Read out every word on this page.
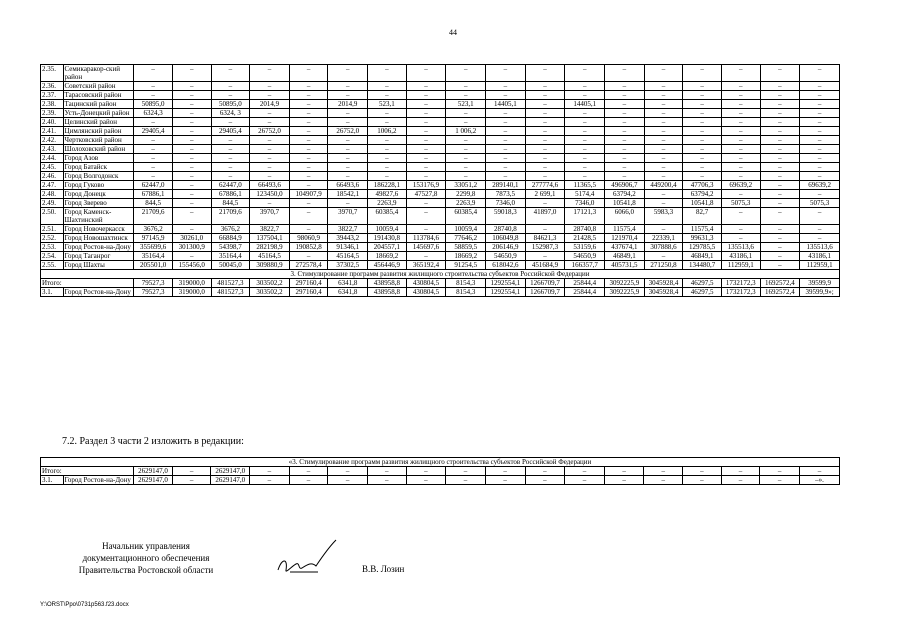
44
2.35.	Семикаракор-ский район	–	–	–	–	–	–	–	–	–	–	–	–	–	–	–	–	–	–
2.36.	Советский район	–	–	–	–	–	–	–	–	–	–	–	–	–	–	–	–	–	–
2.37.	Тарасовский район	–	–	–	–	–	–	–	–	–	–	–	–	–	–	–	–	–	–
2.38.	Тацинский район	50895,0	–	50895,0	2014,9	–	2014,9	523,1	–	523,1	14405,1	–	14405,1	–	–	–	–	–	–
2.39.	Усть-Донецкий район	6324,3	–	6324, 3	–	–	–	–	–	–	–	–	–	–	–	–	–	–	–
2.40.	Целинский район	–	–	–	–	–	–	–	–	–	–	–	–	–	–	–	–	–	–
2.41.	Цимлянский район	29405,4	–	29405,4	26752,0	–	26752,0	1006,2	–	1 006,2	–	–	–	–	–	–	–	–	–
2.42.	Чертковский район	–	–	–	–	–	–	–	–	–	–	–	–	–	–	–	–	–	–
2.43.	Шолоховский район	–	–	–	–	–	–	–	–	–	–	–	–	–	–	–	–	–	–
2.44.	Город Азов	–	–	–	–	–	–	–	–	–	–	–	–	–	–	–	–	–	–
2.45.	Город Батайск	–	–	–	–	–	–	–	–	–	–	–	–	–	–	–	–	–	–
2.46.	Город Волгодонск	–	–	–	–	–	–	–	–	–	–	–	–	–	–	–	–	–	–
2.47.	Город Гуково	62447,0	–	62447,0	66493,6	–	66493,6	186228,1	153176,9	33051,2	289140,1	277774,6	11365,5	496906,7	449200,4	47706,3	69639,2	–	69639,2
2.48.	Город Донецк	67886,1	–	67886,1	123450,0	104907,9	18542,1	49827,6	47527,8	2299,8	7873,5	2 699,1	5174,4	63794,2	–	63794,2	–	–	–
2.49.	Город Зверево	844,5	–	844,5	–	–	–	2263,9	–	2263,9	7346,0	–	7346,0	10541,8	–	10541,8	5075,3	–	5075,3
2.50.	Город Каменск-Шахтинский	21709,6	–	21709,6	3970,7	–	3970,7	60385,4	–	60385,4	59018,3	41897,0	17121,3	6066,0	5983,3	82,7	–	–	–
2.51.	Город Новочеркасск	3676,2	–	3676,2	3822,7	–	3822,7	10059,4	–	10059,4	28740,8	–	28740,8	11575,4	–	11575,4	–	–	–
2.52.	Город Новошахтинск	97145,9	30261,0	66884,9	137504,1	98060,9	39443,2	191430,8	113784,6	77646,2	106049,8	84621,3	21428,5	121970,4	22339,1	99631,3	–	–	–
2.53.	Город Ростов-на-Дону	355699,6	301300,9	54398,7	282198,9	190852,8	91346,1	204557,1	145697,6	58859,5	206146,9	152987,3	53159,6	437674,1	307888,6	129785,5	135513,6	–	135513,6
2.54.	Город Таганрог	35164,4	–	35164,4	45164,5	–	45164,5	18669,2	–	18669,2	54650,9	–	54650,9	46849,1	–	46849,1	43186,1	–	43186,1
2.55.	Город Шахты	205501,0	155456,0	50045,0	309880,9	272578,4	37302,5	456446,9	365192,4	91254,5	618042,6	451684,9	166357,7	405731,5	271250,8	134480,7	112959,1	–	112959,1
3. Стимулирование программ развития жилищного строительства субъектов Российской Федерации																			
Итого:		79527,3	319000,0	481527,3	303502,2	297160,4	6341,8	438958,8	430804,5	8154,3	1292554,1	1266709,7	25844,4	3092225,9	3045928,4	46297,5	1732172,3	1692572,4	39599,9
3.1.	Город Ростов-на-Дону	79527,3	319000,0	481527,3	303502,2	297160,4	6341,8	438958,8	430804,5	8154,3	1292554,1	1266709,7	25844,4	3092225,9	3045928,4	46297,5	1732172,3	1692572,4	39599,9»;
7.2. Раздел 3 части 2 изложить в редакции:
«3. Стимулирование программ развития жилищного строительства субъектов Российской Федерации																			
Итого:		2629147,0	–	2629147,0	–	–	–	–	–	–	–	–	–	–	–	–	–	–	–
3.1.	Город Ростов-на-Дону	2629147,0	–	2629147,0	–	–	–	–	–	–	–	–	–	–	–	–	–	–	–».
Начальник управления
документационного обеспечения
Правительства Ростовской области	В.В. Лозин
Y:\ORST\Ppo\0731p563.f23.docx
